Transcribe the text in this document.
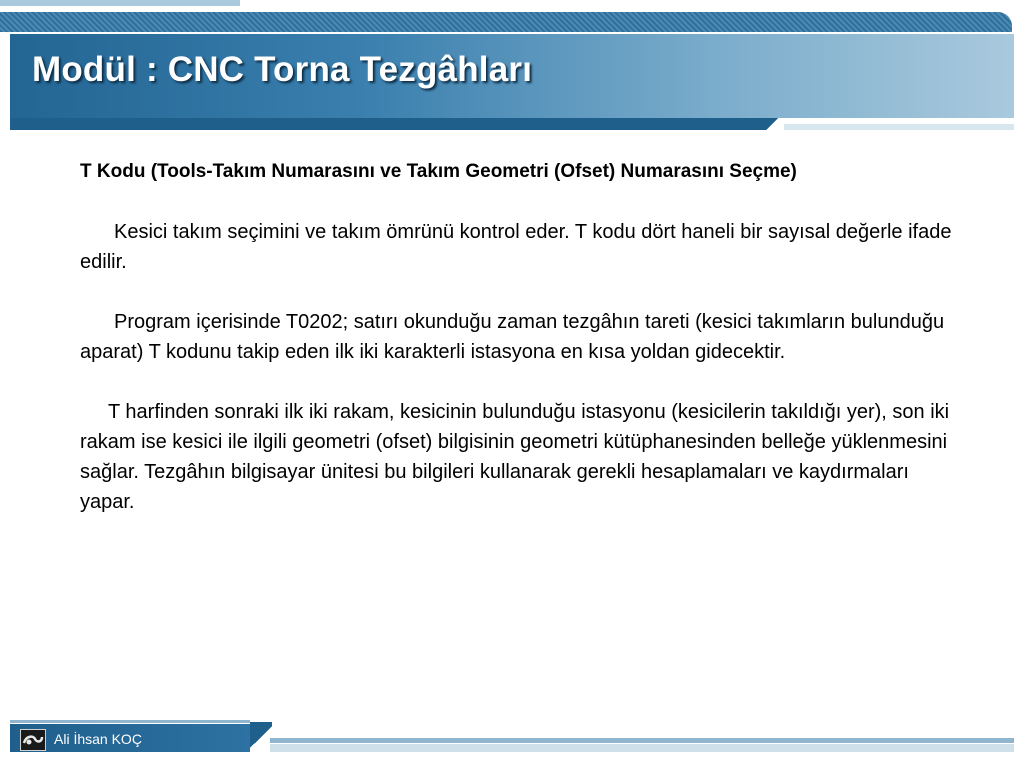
Modül : CNC Torna Tezgâhları

T Kodu (Tools-Takım Numarasını ve Takım Geometri (Ofset) Numarasını Seçme)

Kesici takım seçimini ve takım ömrünü kontrol eder. T kodu dört haneli bir sayısal değerle ifade edilir.

Program içerisinde T0202; satırı okunduğu zaman tezgâhın tareti (kesici takımların bulunduğu aparat) T kodunu takip eden ilk iki karakterli istasyona en kısa yoldan gidecektir.

T harfinden sonraki ilk iki rakam, kesicinin bulunduğu istasyonu (kesicilerin takıldığı yer), son iki rakam ise kesici ile ilgili geometri (ofset) bilgisinin geometri kütüphanesinden belleğe yüklenmesini sağlar. Tezgâhın bilgisayar ünitesi bu bilgileri kullanarak gerekli hesaplamaları ve kaydırmaları yapar.

Ali İhsan KOÇ
